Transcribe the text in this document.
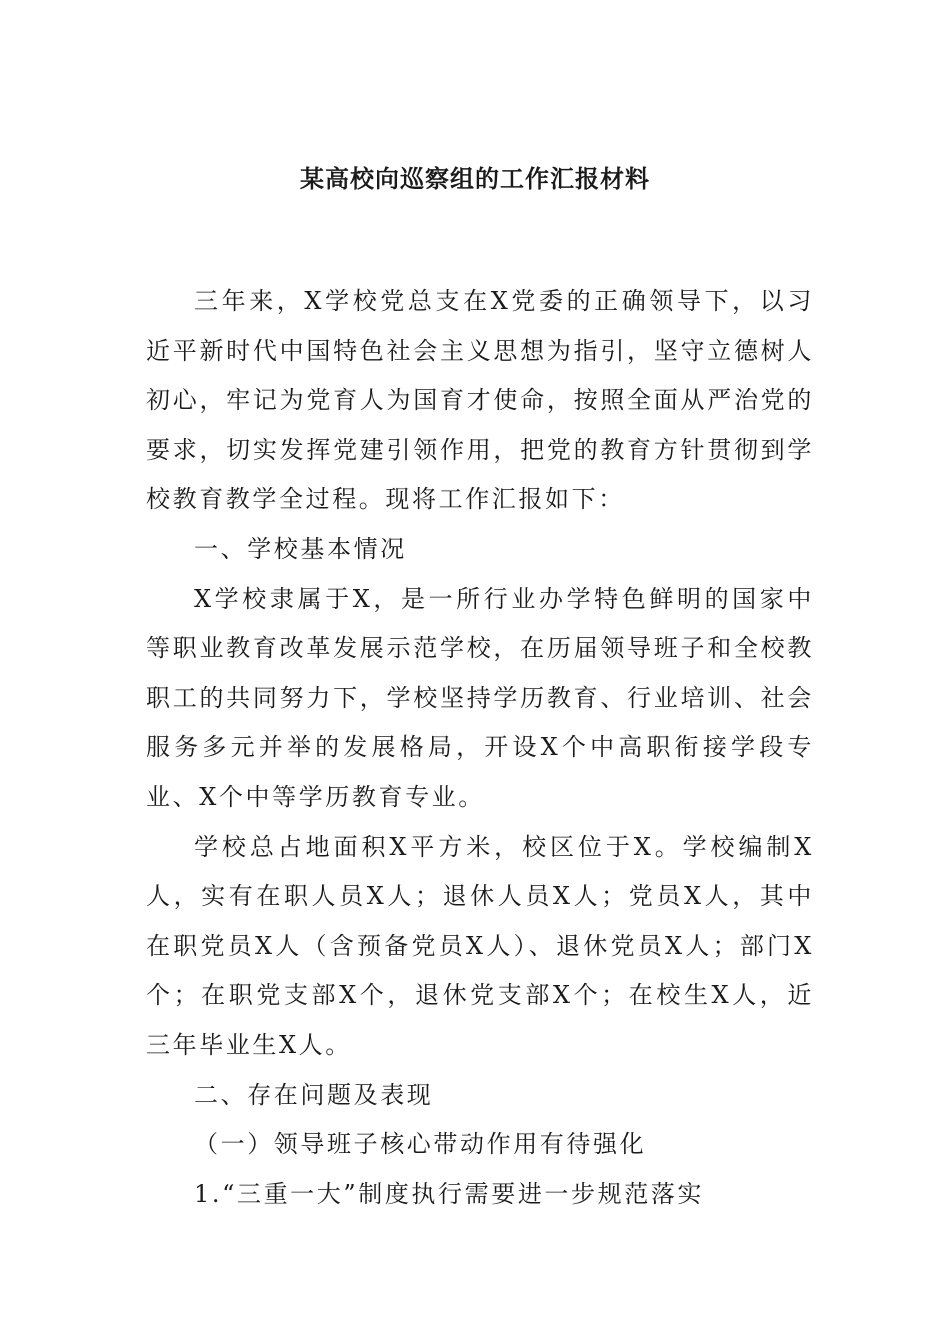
某高校向巡察组的工作汇报材料

三年来，X学校党总支在X党委的正确领导下，以习近平新时代中国特色社会主义思想为指引，坚守立德树人初心，牢记为党育人为国育才使命，按照全面从严治党的要求，切实发挥党建引领作用，把党的教育方针贯彻到学校教育教学全过程。现将工作汇报如下：

一、学校基本情况

X学校隶属于X，是一所行业办学特色鲜明的国家中等职业教育改革发展示范学校，在历届领导班子和全校教职工的共同努力下，学校坚持学历教育、行业培训、社会服务多元并举的发展格局，开设X个中高职衔接学段专业、X个中等学历教育专业。

学校总占地面积X平方米，校区位于X。学校编制X人，实有在职人员X人；退休人员X人；党员X人，其中在职党员X人（含预备党员X人）、退休党员X人；部门X个；在职党支部X个，退休党支部X个；在校生X人，近三年毕业生X人。

二、存在问题及表现

（一）领导班子核心带动作用有待强化

1.“三重一大”制度执行需要进一步规范落实
